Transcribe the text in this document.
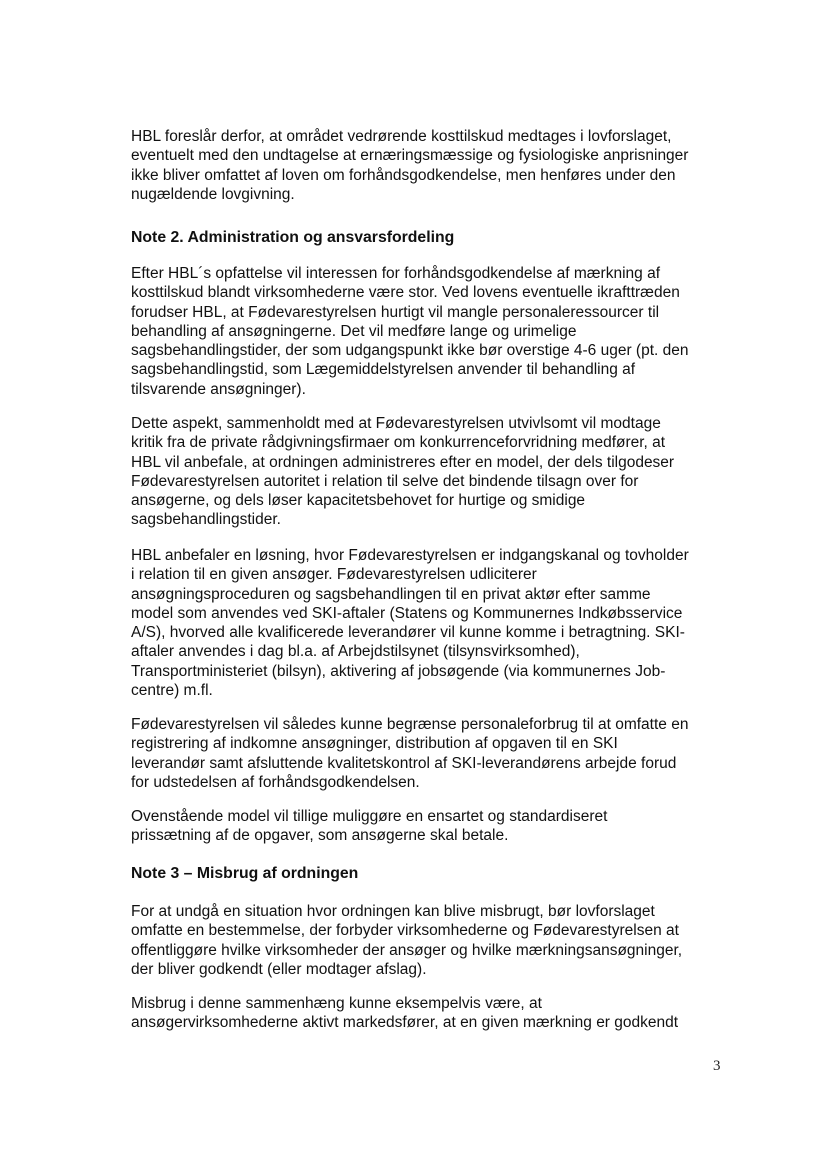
HBL foreslår derfor, at området vedrørende kosttilskud medtages i lovforslaget,
eventuelt med den undtagelse at ernæringsmæssige og fysiologiske anprisninger
ikke bliver omfattet af loven om forhåndsgodkendelse, men henføres under den
nugældende lovgivning.

Note 2. Administration og ansvarsfordeling

Efter HBL´s opfattelse vil interessen for forhåndsgodkendelse af mærkning af
kosttilskud blandt virksomhederne være stor. Ved lovens eventuelle ikrafttræden
forudser HBL, at Fødevarestyrelsen hurtigt vil mangle personaleressourcer til
behandling af ansøgningerne. Det vil medføre lange og urimelige
sagsbehandlingstider, der som udgangspunkt ikke bør overstige 4-6 uger (pt. den
sagsbehandlingstid, som Lægemiddelstyrelsen anvender til behandling af
tilsvarende ansøgninger).

Dette aspekt, sammenholdt med at Fødevarestyrelsen utvivlsomt vil modtage
kritik fra de private rådgivningsfirmaer om konkurrenceforvridning medfører, at
HBL vil anbefale, at ordningen administreres efter en model, der dels tilgodeser
Fødevarestyrelsen autoritet i relation til selve det bindende tilsagn over for
ansøgerne, og dels løser kapacitetsbehovet for hurtige og smidige
sagsbehandlingstider.

HBL anbefaler en løsning, hvor Fødevarestyrelsen er indgangskanal og tovholder
i relation til en given ansøger. Fødevarestyrelsen udliciterer
ansøgningsproceduren og sagsbehandlingen til en privat aktør efter samme
model som anvendes ved SKI-aftaler (Statens og Kommunernes Indkøbsservice
A/S), hvorved alle kvalificerede leverandører vil kunne komme i betragtning. SKI-
aftaler anvendes i dag bl.a. af Arbejdstilsynet (tilsynsvirksomhed),
Transportministeriet (bilsyn), aktivering af jobsøgende (via kommunernes Job-
centre) m.fl.

Fødevarestyrelsen vil således kunne begrænse personaleforbrug til at omfatte en
registrering af indkomne ansøgninger, distribution af opgaven til en SKI
leverandør samt afsluttende kvalitetskontrol af SKI-leverandørens arbejde forud
for udstedelsen af forhåndsgodkendelsen.

Ovenstående model vil tillige muliggøre en ensartet og standardiseret
prissætning af de opgaver, som ansøgerne skal betale.

Note 3 – Misbrug af ordningen

For at undgå en situation hvor ordningen kan blive misbrugt, bør lovforslaget
omfatte en bestemmelse, der forbyder virksomhederne og Fødevarestyrelsen at
offentliggøre hvilke virksomheder der ansøger og hvilke mærkningsansøgninger,
der bliver godkendt (eller modtager afslag).

Misbrug i denne sammenhæng kunne eksempelvis være, at
ansøgervirksomhederne aktivt markedsfører, at en given mærkning er godkendt

3
